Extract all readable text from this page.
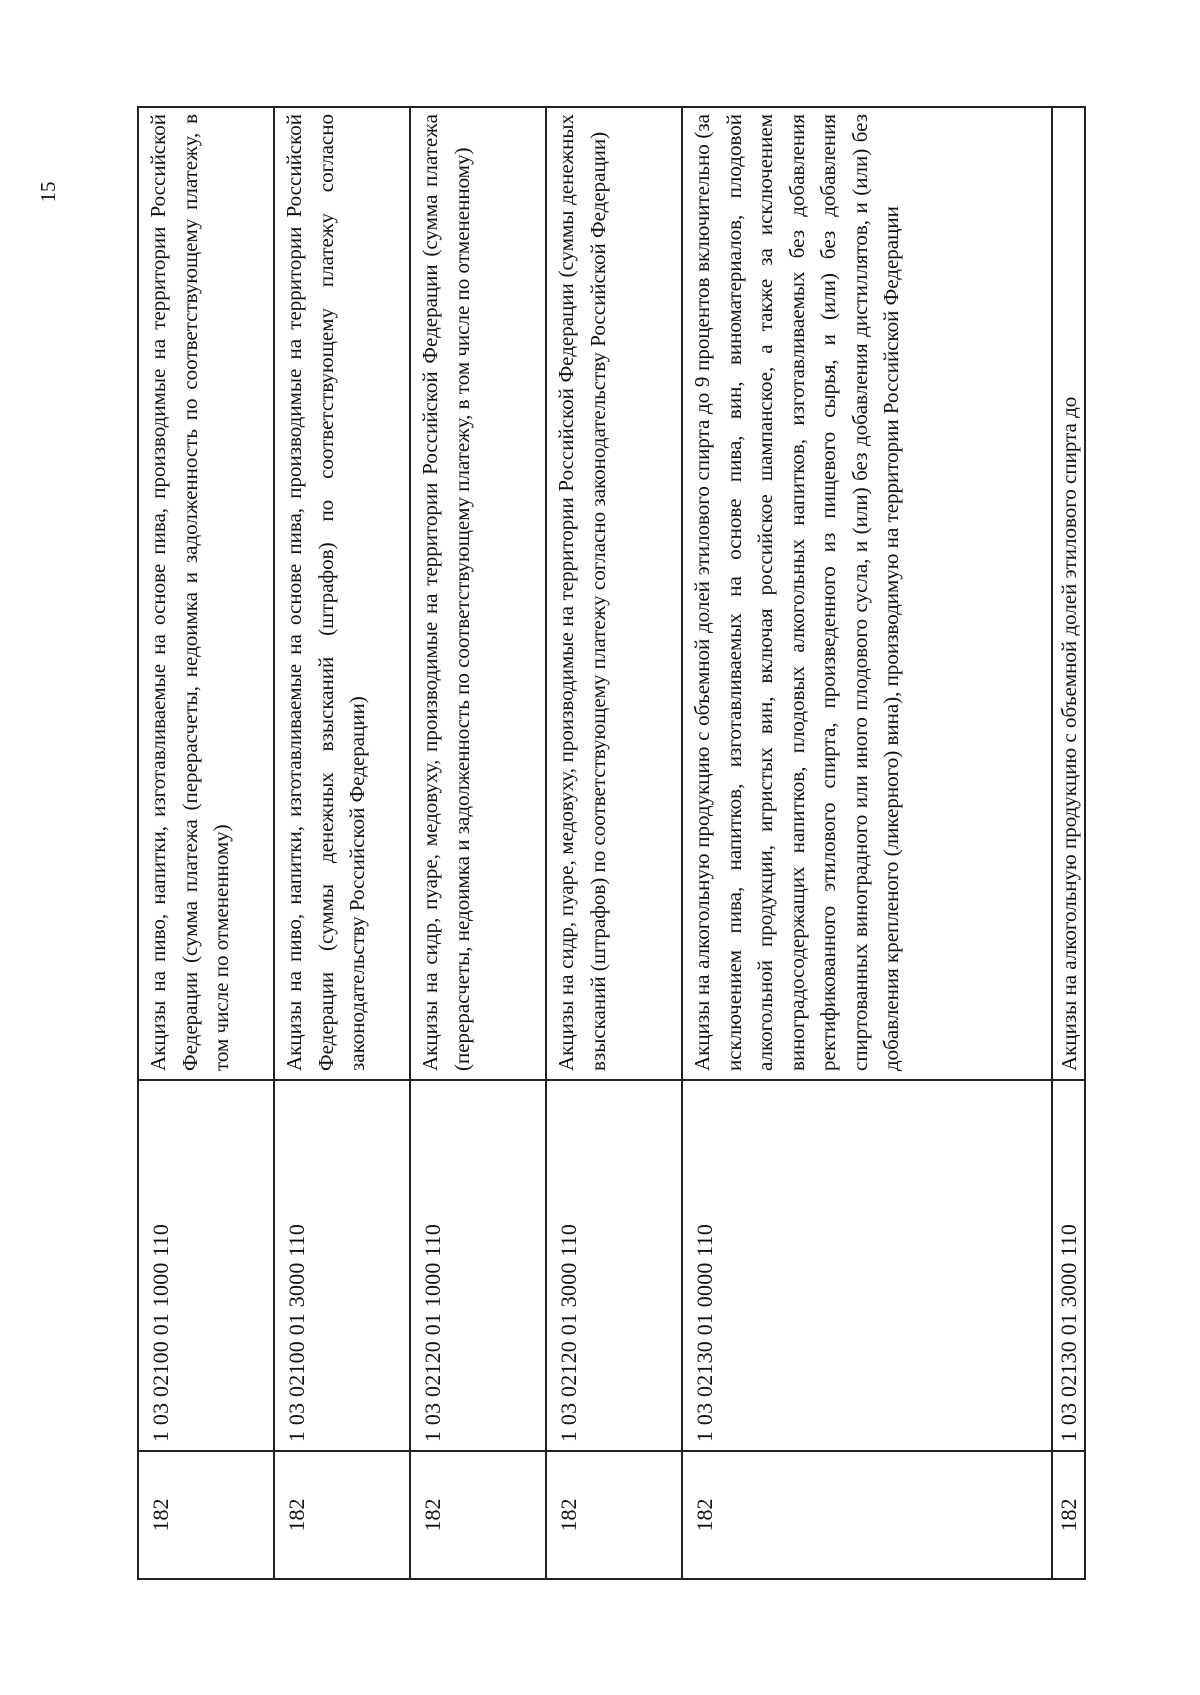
15
182	1 03 02100 01 1000 110	Акцизы на пиво, напитки, изготавливаемые на основе пива, производимые на территории Российской Федерации (сумма платежа (перерасчеты, недоимка и задолженность по соответствующему платежу, в том числе по отмененному)
182	1 03 02100 01 3000 110	Акцизы на пиво, напитки, изготавливаемые на основе пива, производимые на территории Российской Федерации (суммы денежных взысканий (штрафов) по соответствующему платежу согласно законодательству Российской Федерации)
182	1 03 02120 01 1000 110	Акцизы на сидр, пуаре, медовуху, производимые на территории Российской Федерации (сумма платежа (перерасчеты, недоимка и задолженность по соответствующему платежу, в том числе по отмененному)
182	1 03 02120 01 3000 110	Акцизы на сидр, пуаре, медовуху, производимые на территории Российской Федерации (суммы денежных взысканий (штрафов) по соответствующему платежу согласно законодательству Российской Федерации)
182	1 03 02130 01 0000 110	Акцизы на алкогольную продукцию с объемной долей этилового спирта до 9 процентов включительно (за исключением пива, напитков, изготавливаемых на основе пива, вин, виноматериалов, плодовой алкогольной продукции, игристых вин, включая российское шампанское, а также за исключением виноградосодержащих напитков, плодовых алкогольных напитков, изготавливаемых без добавления ректификованного этилового спирта, произведенного из пищевого сырья, и (или) без добавления спиртованных виноградного или иного плодового сусла, и (или) без добавления дистиллятов, и (или) без добавления крепленого (ликерного) вина), производимую на территории Российской Федерации
182	1 03 02130 01 3000 110	Акцизы на алкогольную продукцию с объемной долей этилового спирта до
